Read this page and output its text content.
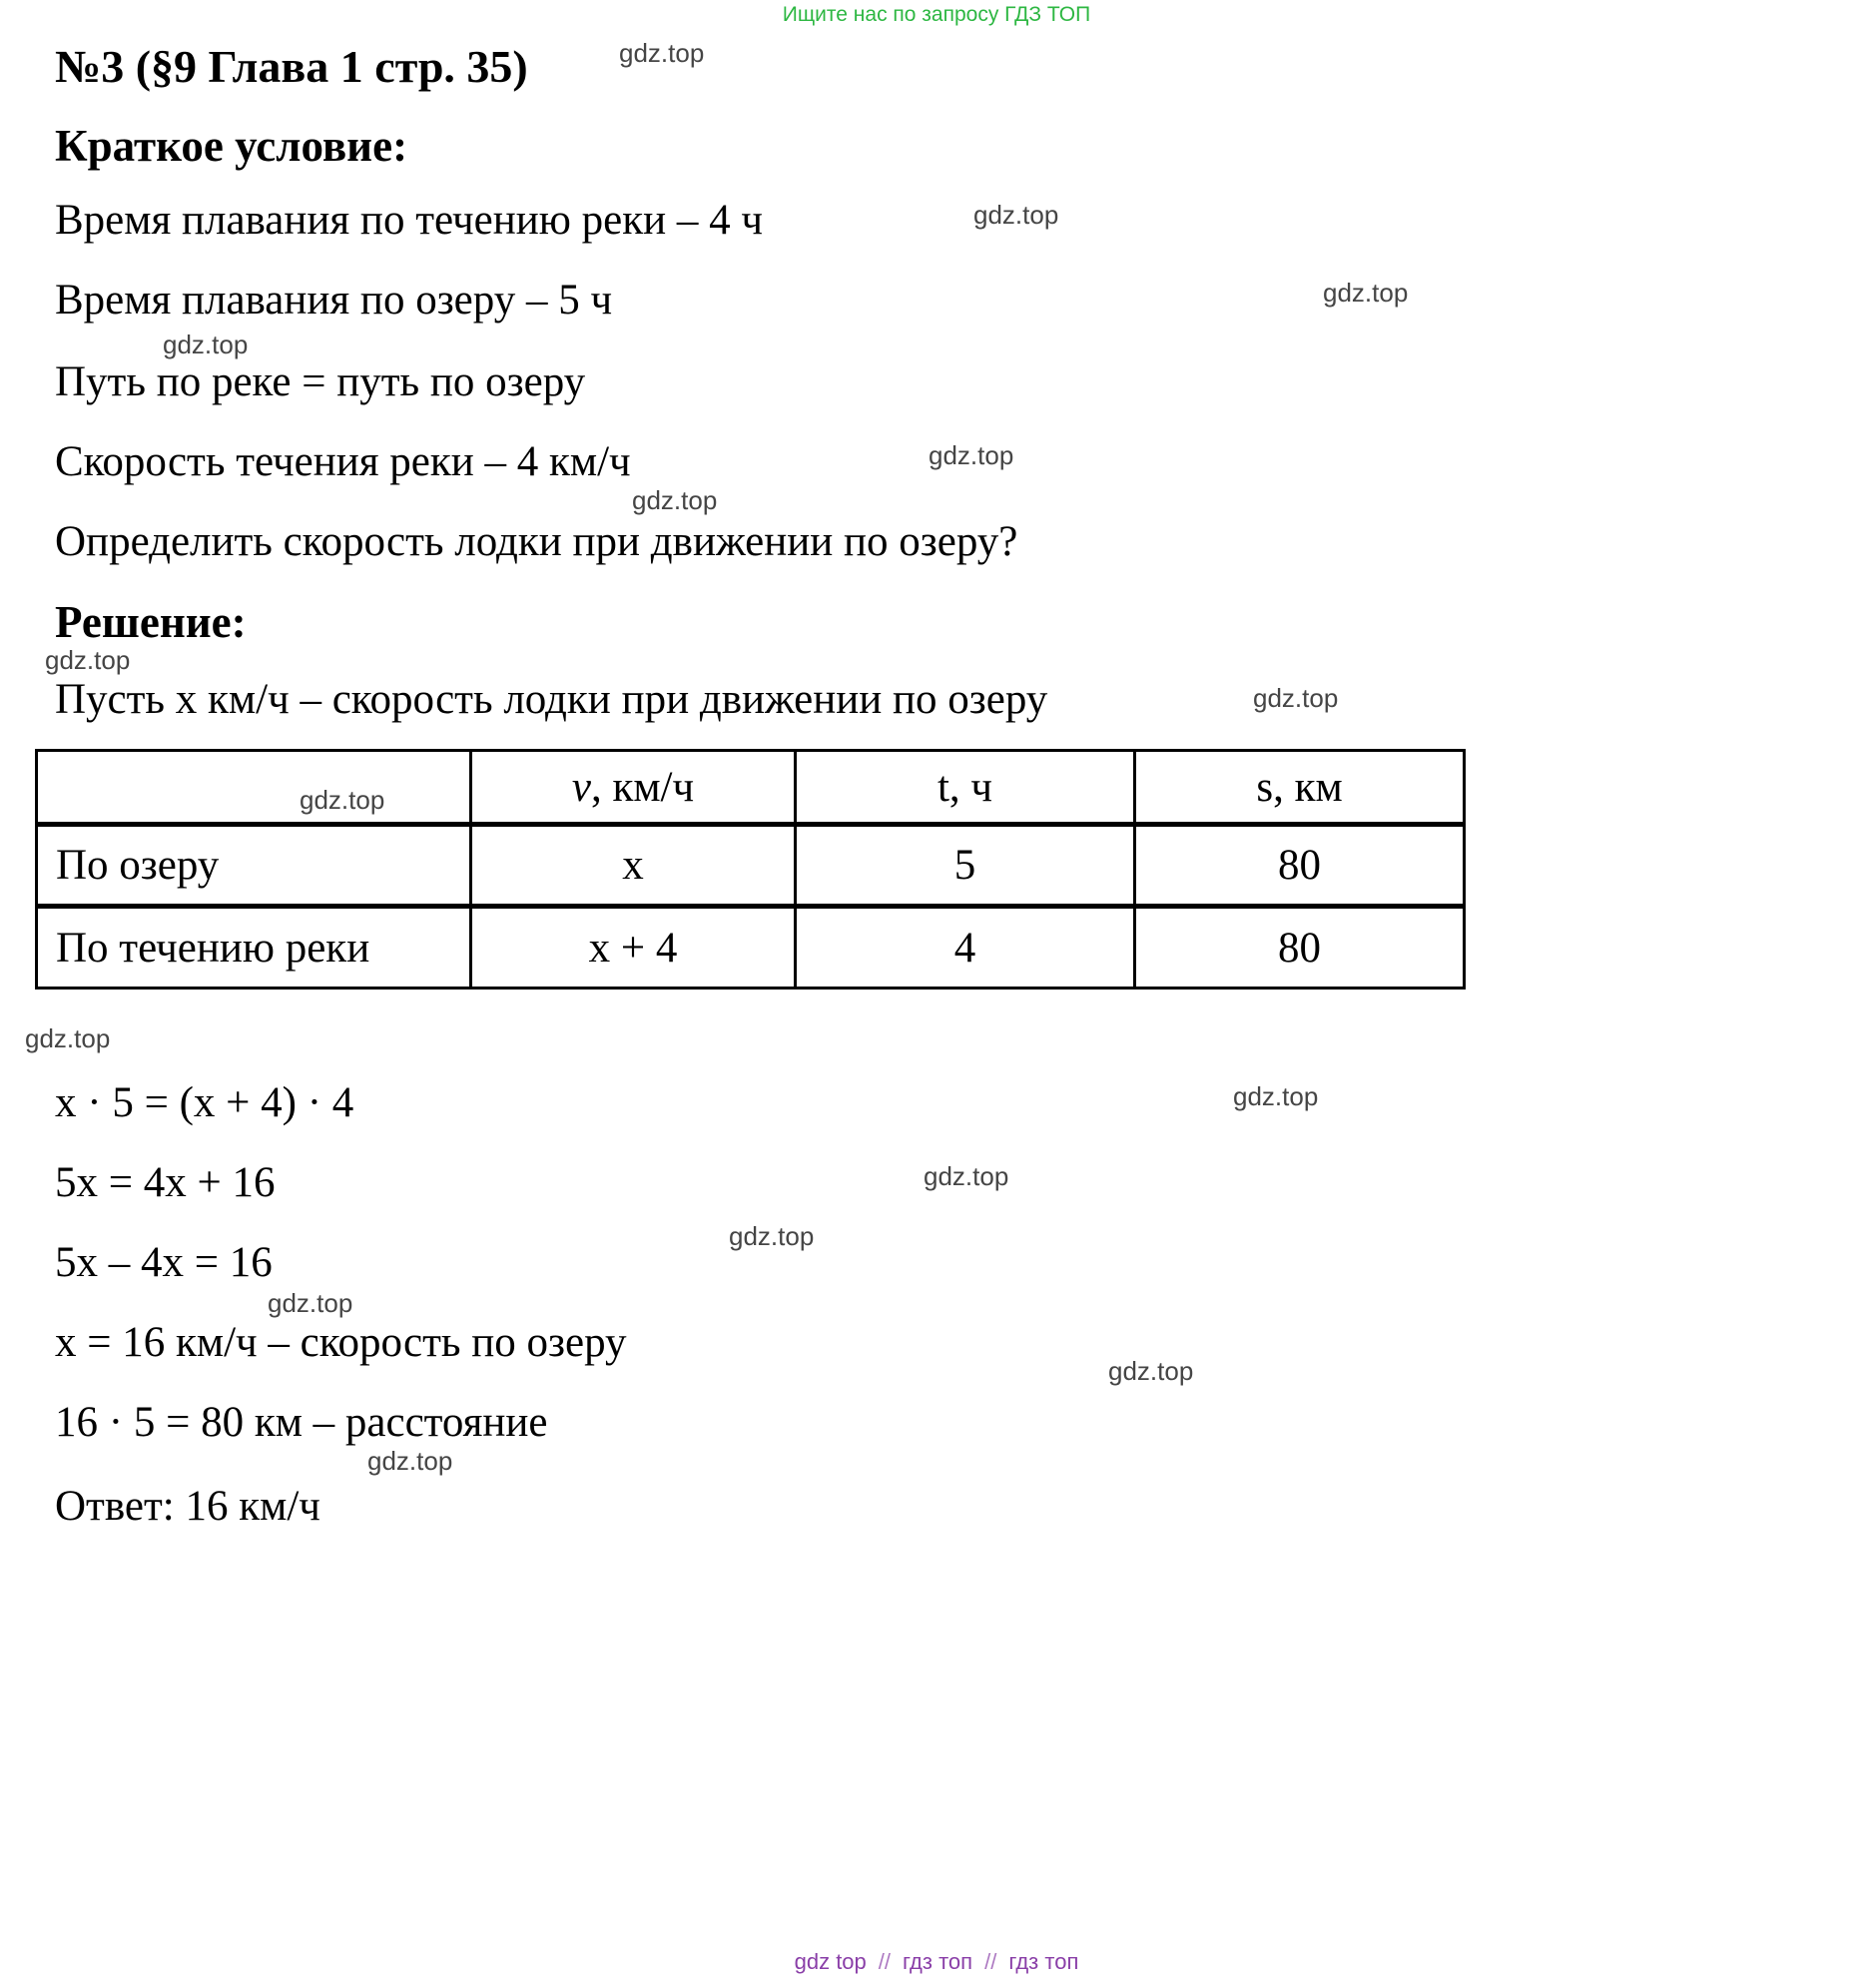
Ищите нас по запросу ГДЗ ТОП
№3 (§9 Глава 1 стр. 35)
Краткое условие:
Время плавания по течению реки – 4 ч
Время плавания по озеру – 5 ч
Путь по реке = путь по озеру
Скорость течения реки – 4 км/ч
Определить скорость лодки при движении по озеру?
Решение:
Пусть x км/ч – скорость лодки при движении по озеру
	v, км/ч	t, ч	s, км
По озеру	x	5	80
По течению реки	x + 4	4	80
x · 5 = (x + 4) · 4
5x = 4x + 16
5x – 4x = 16
x = 16 км/ч – скорость по озеру
16 · 5 = 80 км – расстояние
Ответ: 16 км/ч
gdz.top
gdz.top
gdz.top
gdz.top
gdz.top
gdz.top
gdz.top
gdz.top
gdz.top
gdz.top
gdz.top
gdz.top
gdz.top
gdz.top
gdz.top
gdz.top
gdz top // гдз топ // гдз топ
